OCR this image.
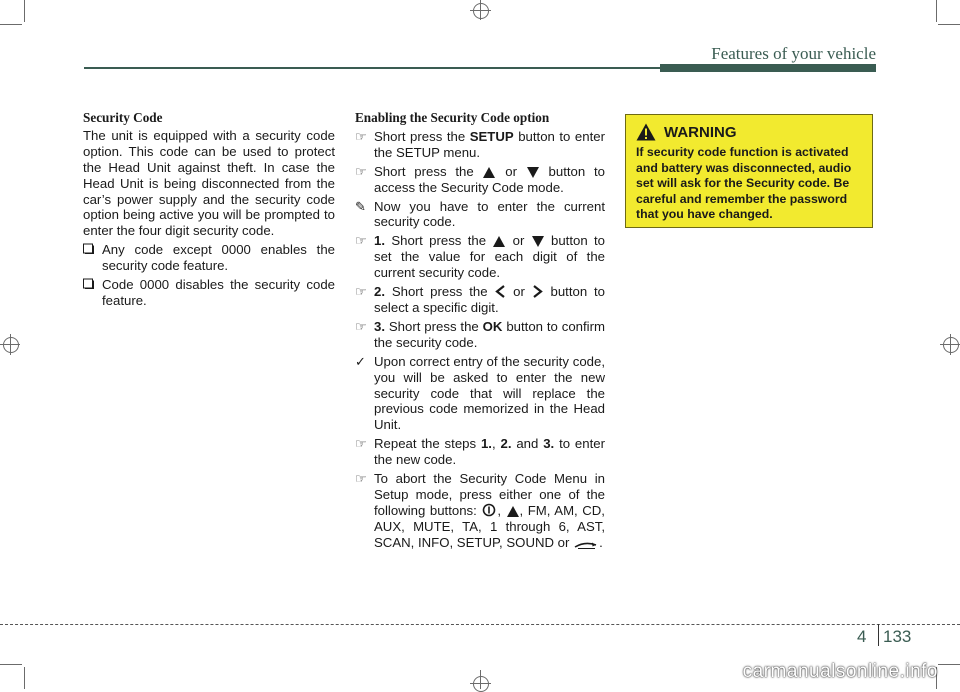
Features of your vehicle
Security Code

The unit is equipped with a security code option. This code can be used to protect the Head Unit against theft. In case the Head Unit is being disconnected from the car’s power supply and the security code option being active you will be prompted to enter the four digit security code.

Any code except 0000 enables the security code feature.
Code 0000 disables the security code feature.
Enabling the Security Code option
☞ Short press the SETUP button to enter the SETUP menu.
☞ Short press the or button to access the Security Code mode.
✎ Now you have to enter the current security code.
☞ 1. Short press the or button to set the value for each digit of the current security code.
☞ 2. Short press the or button to select a specific digit.
☞ 3. Short press the OK button to confirm the security code.
✓ Upon correct entry of the security code, you will be asked to enter the new security code that will replace the previous code memorized in the Head Unit.
☞ Repeat the steps 1., 2. and 3. to enter the new code.
☞ To abort the Security Code Menu in Setup mode, press either one of the following buttons: , , FM, AM, CD, AUX, MUTE, TA, 1 through 6, AST, SCAN, INFO, SETUP, SOUND or .
WARNING

If security code function is activated and battery was disconnected, audio set will ask for the Security code. Be careful and remember the password that you have changed.

4 133
carmanualsonline.info
